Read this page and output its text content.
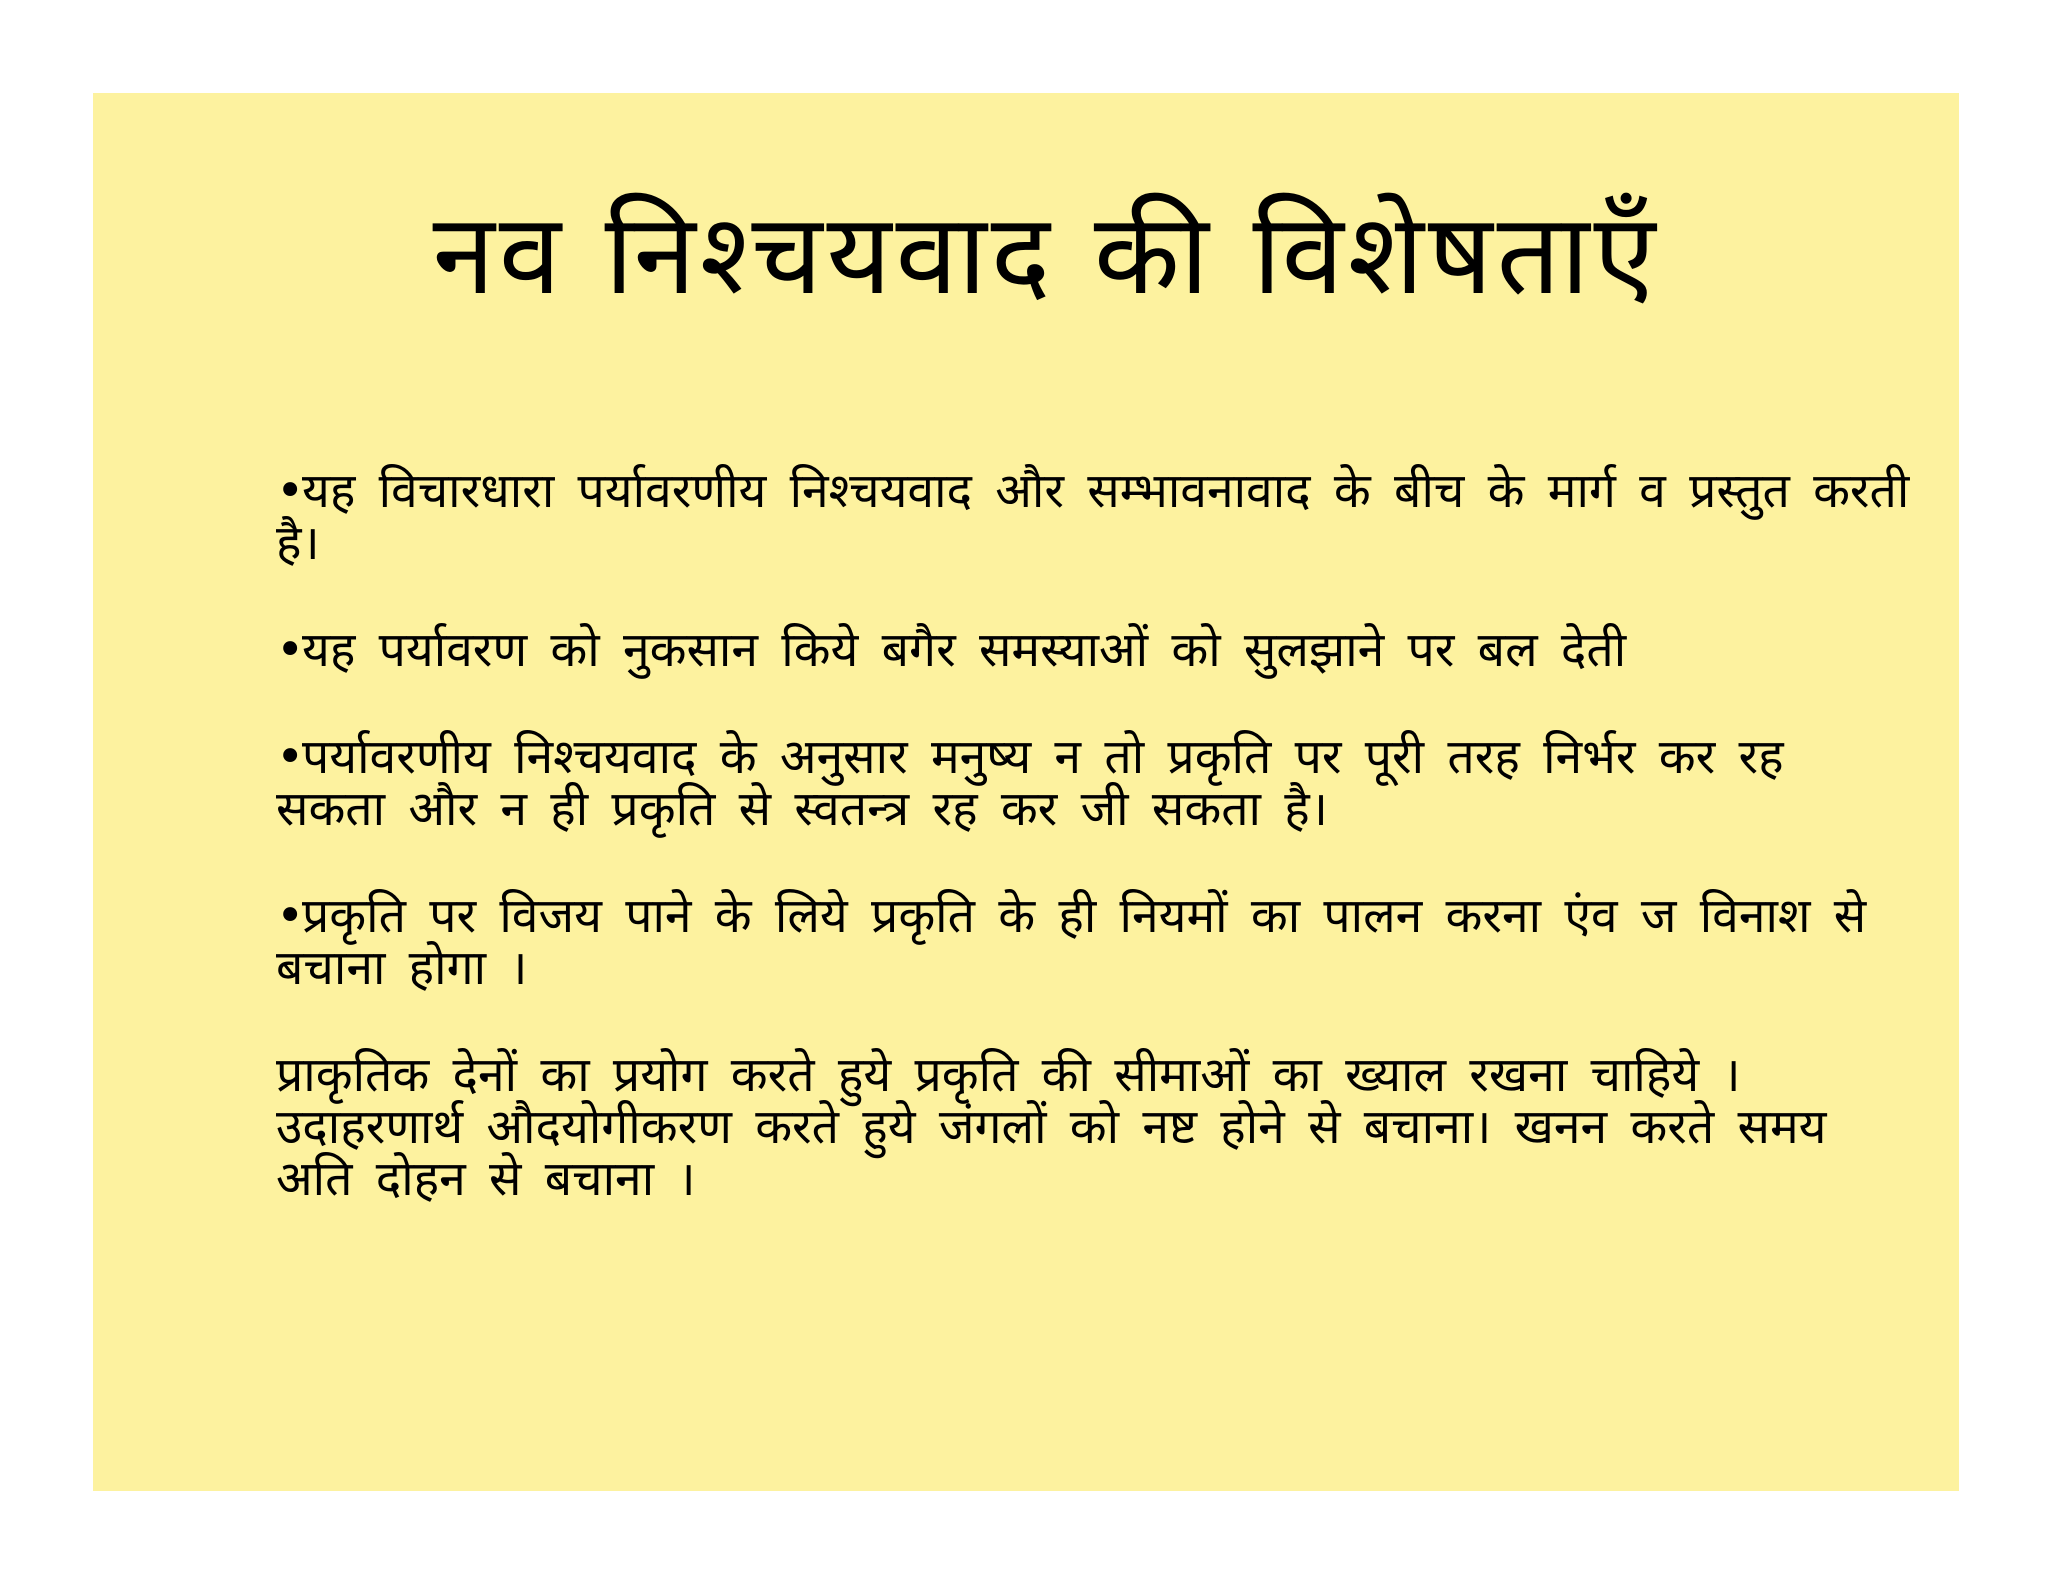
नव निश्चयवाद की विशेषताएँ

•यह विचारधारा पर्यावरणीय निश्चयवाद और सम्भावनावाद के बीच के मार्ग व प्रस्तुत करती है।

•यह पर्यावरण को नुकसान किये बगैर समस्याओं को सुलझाने पर बल देती

•पर्यावरणीय निश्चयवाद के अनुसार मनुष्य न तो प्रकृति पर पूरी तरह निर्भर कर रह सकता और न ही प्रकृति से स्वतन्त्र रह कर जी सकता है।

•प्रकृति पर विजय पाने के लिये प्रकृति के ही नियमों का पालन करना एंव ज विनाश से बचाना होगा ।

प्राकृतिक देनों का प्रयोग करते हुये प्रकृति की सीमाओं का ख्याल रखना चाहिये । उदाहरणार्थ औदयोगीकरण करते हुये जंगलों को नष्ट होने से बचाना। खनन करते समय अति दोहन से बचाना ।
